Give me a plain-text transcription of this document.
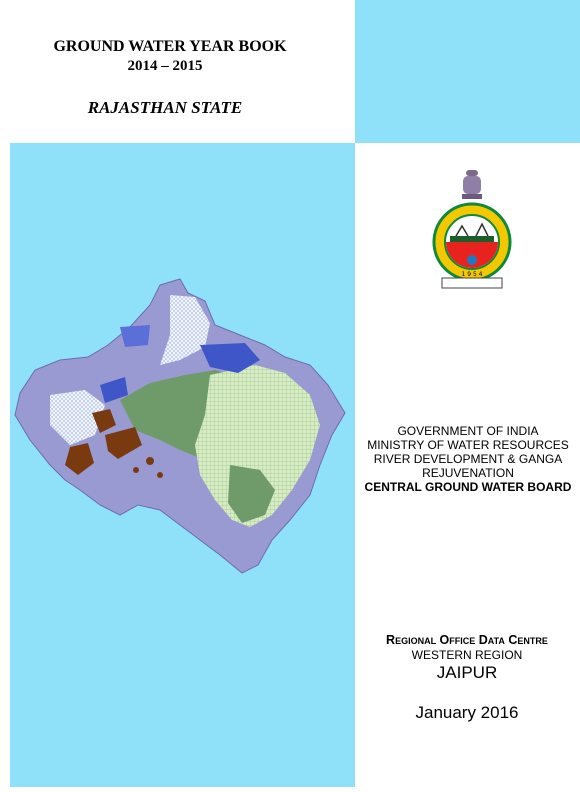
GROUND WATER YEAR BOOK
2014 – 2015
RAJASTHAN STATE
1 9 5 4
GOVERNMENT OF INDIA
MINISTRY OF WATER RESOURCES
RIVER DEVELOPMENT & GANGA
REJUVENATION
CENTRAL GROUND WATER BOARD
Regional Office Data Centre
WESTERN REGION
JAIPUR
January 2016
